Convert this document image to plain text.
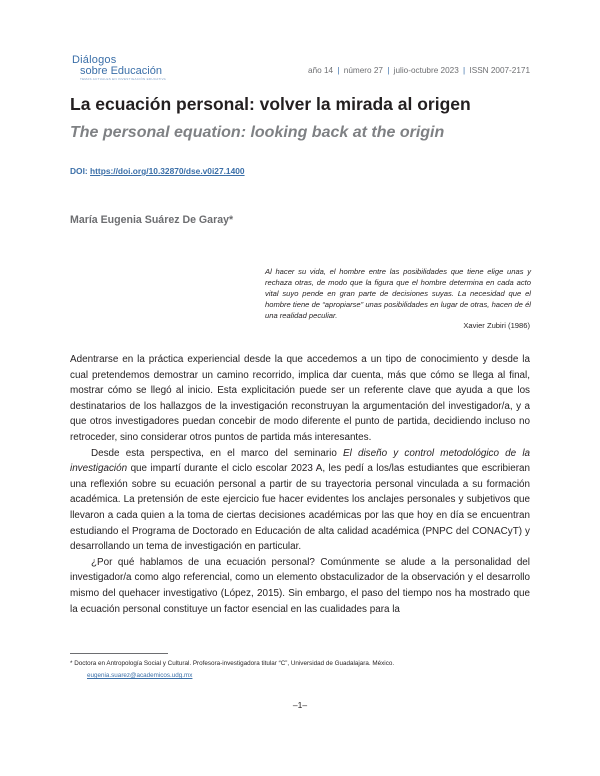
Diálogos
sobre Educación
TEMAS ACTUALES EN INVESTIGACIÓN EDUCATIVA
año 14 | número 27 | julio-octubre 2023 | ISSN 2007-2171
La ecuación personal: volver la mirada al origen
The personal equation: looking back at the origin
DOI: https://doi.org/10.32870/dse.v0i27.1400
María Eugenia Suárez De Garay*
Al hacer su vida, el hombre entre las posibilidades que tiene elige unas y rechaza otras, de modo que la figura que el hombre determina en cada acto vital suyo pende en gran parte de decisiones suyas. La necesidad que el hombre tiene de “apropiarse” unas posibilidades en lugar de otras, hacen de él una realidad peculiar.
Xavier Zubiri (1986)

Adentrarse en la práctica experiencial desde la que accedemos a un tipo de conocimiento y desde la cual pretendemos demostrar un camino recorrido, implica dar cuenta, más que cómo se llega al final, mostrar cómo se llegó al inicio. Esta explicitación puede ser un referente clave que ayuda a que los destinatarios de los hallazgos de la investigación reconstruyan la argumentación del investigador/a, y a que otros investigadores puedan concebir de modo diferente el punto de partida, decidiendo incluso no retroceder, sino considerar otros puntos de partida más interesantes.

Desde esta perspectiva, en el marco del seminario El diseño y control metodológico de la investigación que impartí durante el ciclo escolar 2023 A, les pedí a los/las estudiantes que escribieran una reflexión sobre su ecuación personal a partir de su trayectoria personal vinculada a su formación académica. La pretensión de este ejercicio fue hacer evidentes los anclajes personales y subjetivos que llevaron a cada quien a la toma de ciertas decisiones académicas por las que hoy en día se encuentran estudiando el Programa de Doctorado en Educación de alta calidad académica (PNPC del CONACyT) y desarrollando un tema de investigación en particular.

¿Por qué hablamos de una ecuación personal? Comúnmente se alude a la personalidad del investigador/a como algo referencial, como un elemento obstaculizador de la observación y el desarrollo mismo del quehacer investigativo (López, 2015). Sin embargo, el paso del tiempo nos ha mostrado que la ecuación personal constituye un factor esencial en las cualidades para la

* Doctora en Antropología Social y Cultural. Profesora-investigadora titular “C”, Universidad de Guadalajara. México.
eugenia.suarez@academicos.udg.mx
–1–
